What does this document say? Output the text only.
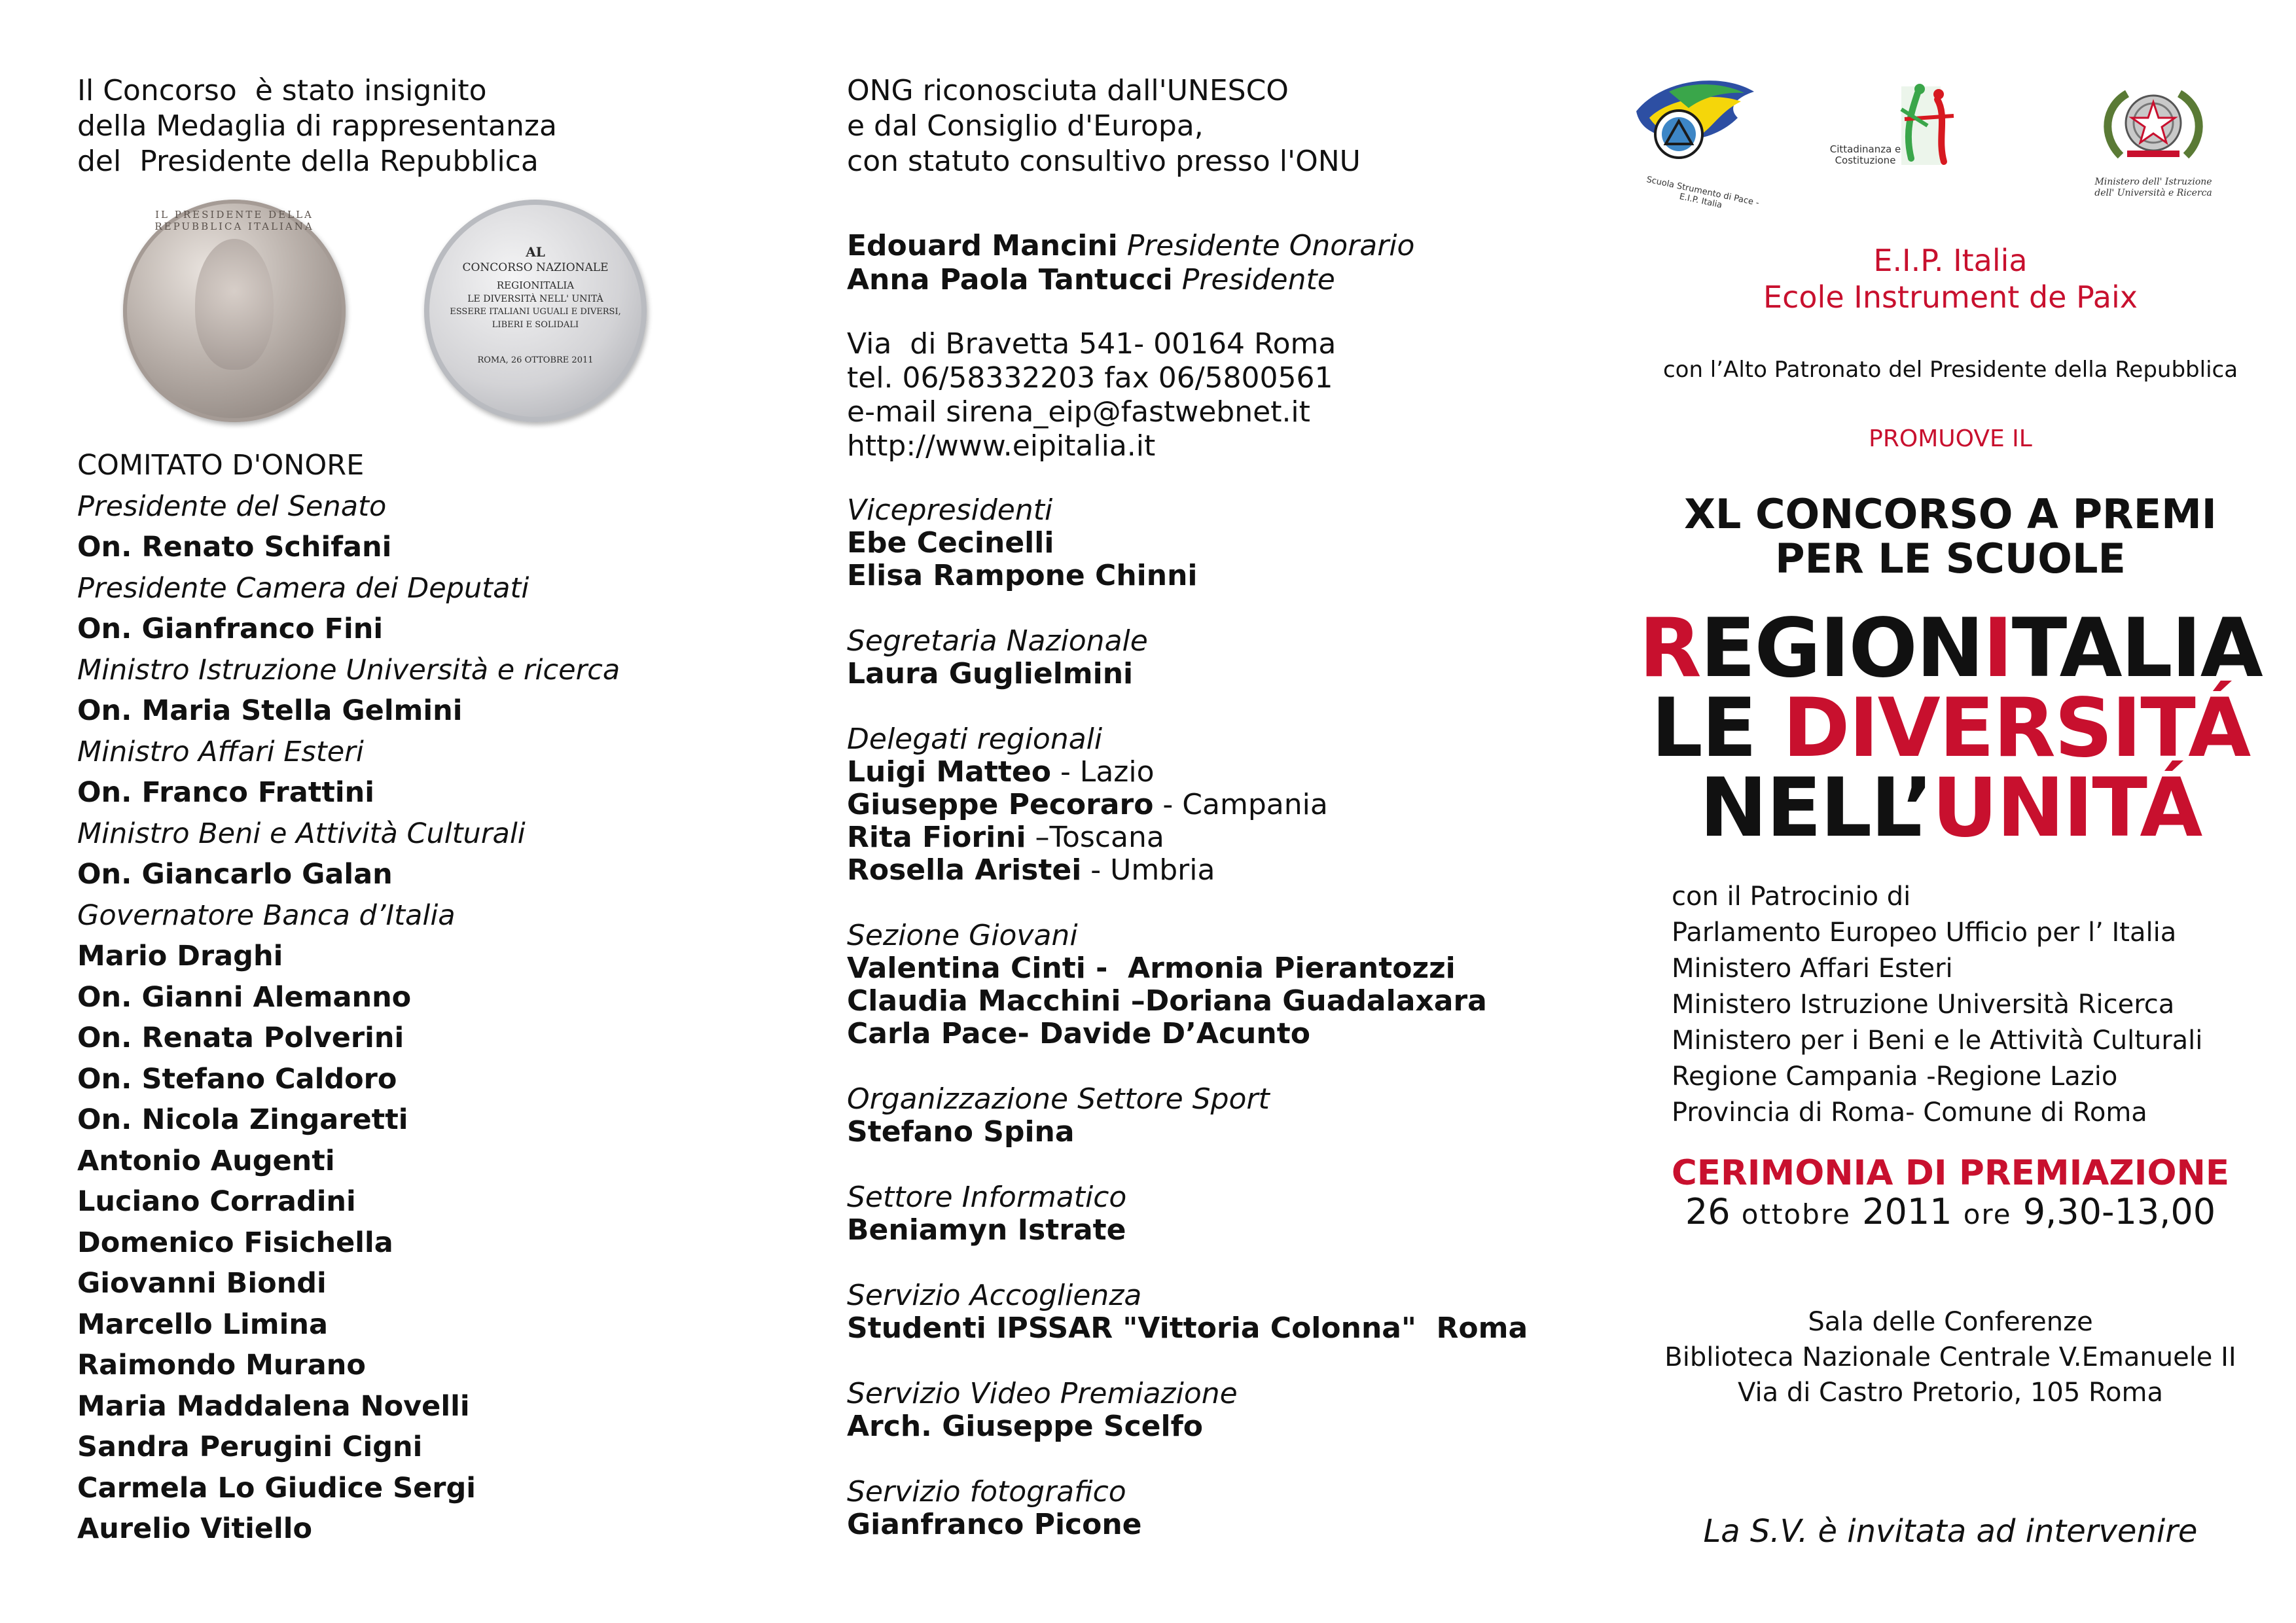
Il Concorso  è stato insignito
della Medaglia di rappresentanza
del  Presidente della Repubblica
IL PRESIDENTE DELLA REPUBBLICA ITALIANA
AL
CONCORSO NAZIONALE
REGIONITALIA
LE DIVERSITÀ NELL' UNITÀ
ESSERE ITALIANI UGUALI E DIVERSI,
LIBERI E SOLIDALI
ROMA, 26 OTTOBRE 2011
COMITATO D'ONORE
Presidente del Senato
On. Renato Schifani
Presidente Camera dei Deputati
On. Gianfranco Fini
Ministro Istruzione Università e ricerca
On. Maria Stella Gelmini
Ministro Affari Esteri
On. Franco Frattini
Ministro Beni e Attività Culturali
On. Giancarlo Galan
Governatore Banca d’Italia
Mario Draghi
On. Gianni Alemanno
On. Renata Polverini
On. Stefano Caldoro
On. Nicola Zingaretti
Antonio Augenti
Luciano Corradini
Domenico Fisichella
Giovanni Biondi
Marcello Limina
Raimondo Murano
Maria Maddalena Novelli
Sandra Perugini Cigni
Carmela Lo Giudice Sergi
Aurelio Vitiello
ONG riconosciuta dall'UNESCO
e dal Consiglio d'Europa,
con statuto consultivo presso l'ONU
Edouard Mancini Presidente Onorario
Anna Paola Tantucci Presidente
Via  di Bravetta 541- 00164 Roma
tel. 06/58332203 fax 06/5800561
e-mail sirena_eip@fastwebnet.it
http://www.eipitalia.it
Vicepresidenti
Ebe Cecinelli
Elisa Rampone Chinni
Segretaria Nazionale
Laura Guglielmini
Delegati regionali
Luigi Matteo - Lazio
Giuseppe Pecoraro - Campania
Rita Fiorini –Toscana
Rosella Aristei - Umbria
Sezione Giovani
Valentina Cinti -  Armonia Pierantozzi
Claudia Macchini –Doriana Guadalaxara
Carla Pace- Davide D’Acunto
Organizzazione Settore Sport
Stefano Spina
Settore Informatico
Beniamyn Istrate
Servizio Accoglienza
Studenti IPSSAR "Vittoria Colonna"  Roma
Servizio Video Premiazione
Arch. Giuseppe Scelfo
Servizio fotografico
Gianfranco Picone
Scuola Strumento di Pace - E.I.P. Italia
Cittadinanza e
Costituzione
Ministero dell' Istruzione
dell' Università e Ricerca
E.I.P. Italia
Ecole Instrument de Paix
con l’Alto Patronato del Presidente della Repubblica
PROMUOVE IL
XL CONCORSO A PREMI
PER LE SCUOLE
REGIONITALIA
LE DIVERSITÁ
NELL’UNITÁ
con il Patrocinio di
Parlamento Europeo Ufficio per l’ Italia
Ministero Affari Esteri
Ministero Istruzione Università Ricerca
Ministero per i Beni e le Attività Culturali
Regione Campania -Regione Lazio
Provincia di Roma- Comune di Roma
CERIMONIA DI PREMIAZIONE
26 ottobre 2011 ore 9,30-13,00
Sala delle Conferenze
Biblioteca Nazionale Centrale V.Emanuele II
Via di Castro Pretorio, 105 Roma
La S.V. è invitata ad intervenire
